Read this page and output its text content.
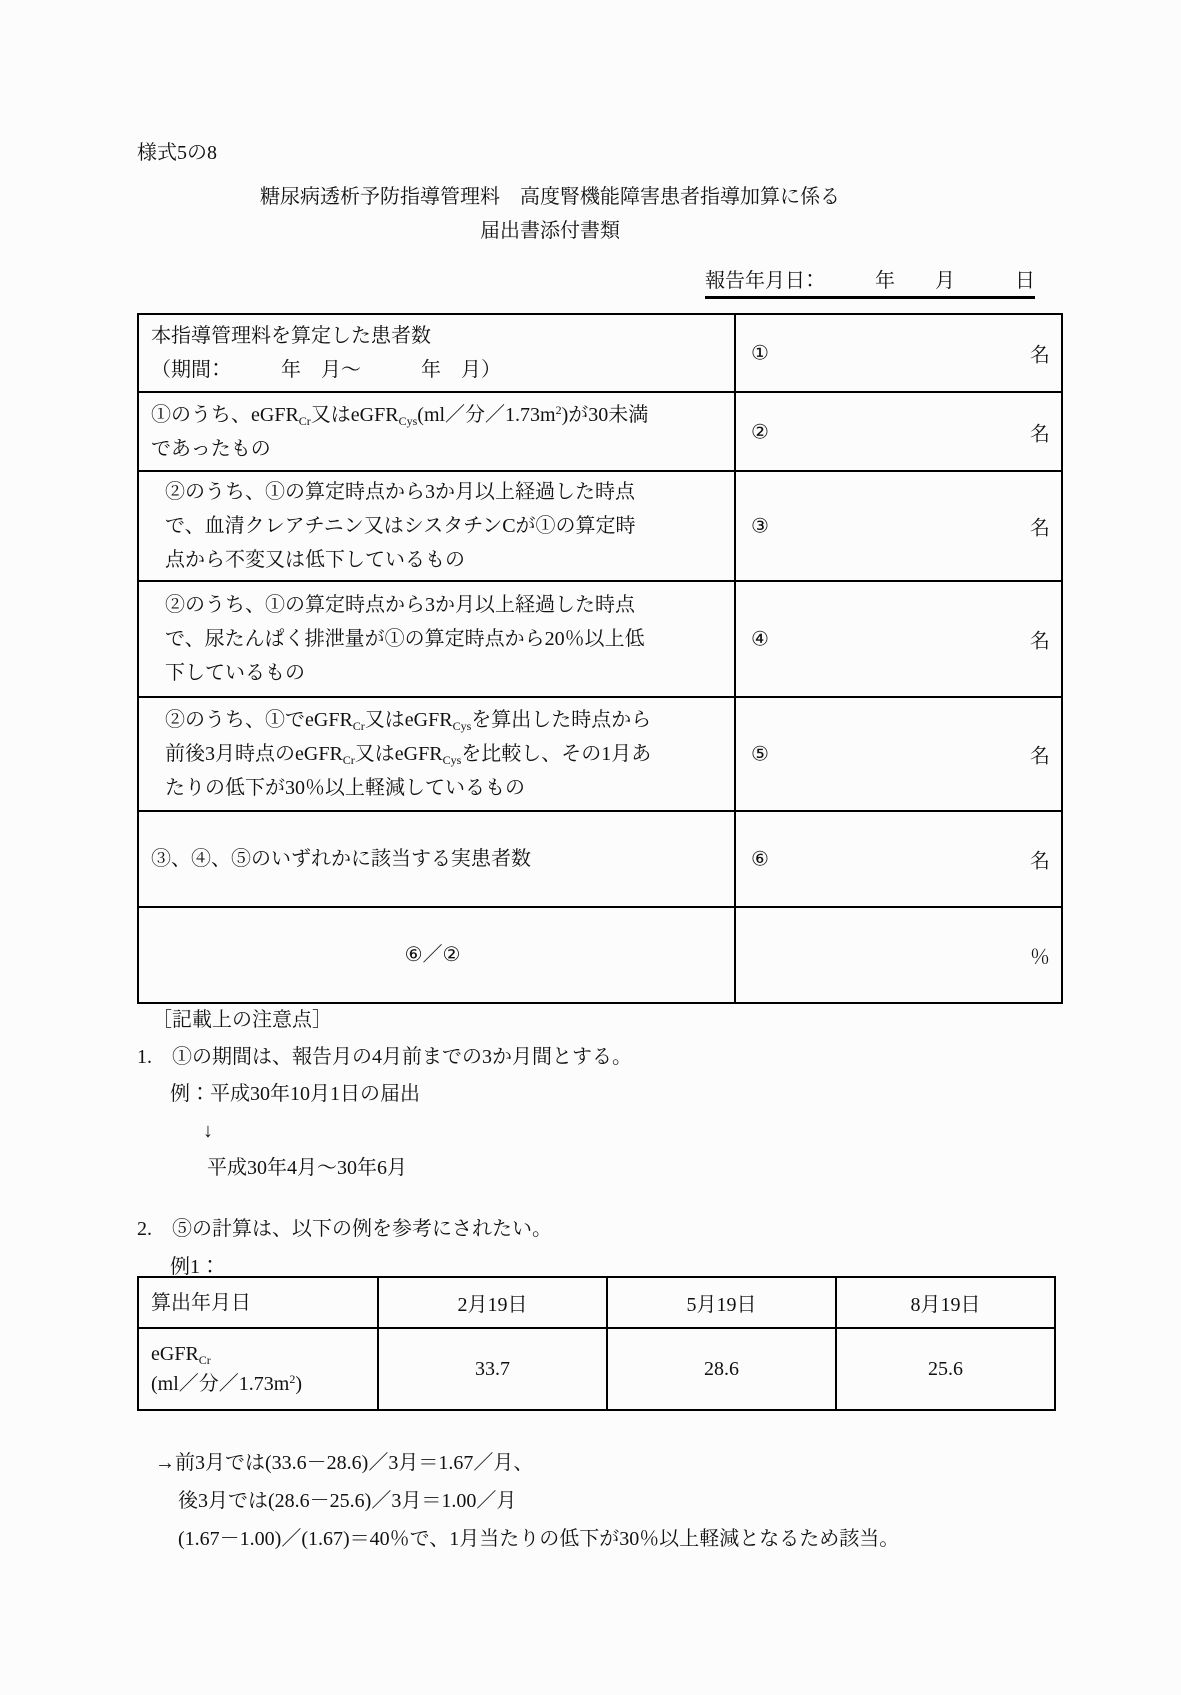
様式5の8
糖尿病透析予防指導管理料　高度腎機能障害患者指導加算に係る
届出書添付書類
報告年月日：　　　年　　月　　　日
本指導管理料を算定した患者数
（期間：　　　年　月～　　　年　月）	① 名

①のうち、eGFR$_{Cr}$又はeGFR$_{Cys}$(ml／分$/1.73m^2$)が30未満
であったもの	② 名

②のうち、①の算定時点から3か月以上経過した時点
で、血清クレアチニン又はシスタチンCが①の算定時
点から不変又は低下しているもの	③ 名

②のうち、①の算定時点から3か月以上経過した時点
で、尿たんぱく排泄量が①の算定時点から20％以上低
下しているもの	④ 名

②のうち、①でeGFR$_{Cr}$又はeGFR$_{Cys}$を算出した時点から
前後3月時点のeGFR$_{Cr}$又はeGFR$_{Cys}$を比較し、その1月あ
たりの低下が30％以上軽減しているもの	⑤ 名

③、④、⑤のいずれかに該当する実患者数	⑥ 名

⑥／②	％
［記載上の注意点］
1.　①の期間は、報告月の4月前までの3か月間とする。
例：平成30年10月1日の届出
↓
平成30年4月～30年6月
2.　⑤の計算は、以下の例を参考にされたい。
例1：
算出年月日	2月19日	5月19日	8月19日
eGFR$_{Cr}$
(ml／分$/1.73m^2$)	33.7	28.6	25.6
→前3月では(33.6－28.6)／3月＝1.67／月、
後3月では(28.6－25.6)／3月＝1.00／月
(1.67－1.00)／(1.67)＝40％で、1月当たりの低下が30％以上軽減となるため該当。
